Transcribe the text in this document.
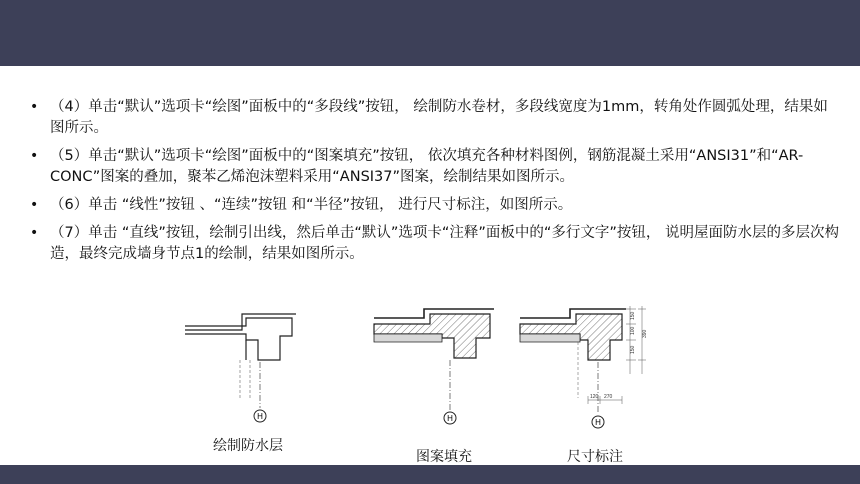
• （4）单击“默认”选项卡“绘图”面板中的“多段线”按钮， 绘制防水卷材，多段线宽度为1mm，转角处作圆弧处理，结果如图所示。
• （5）单击“默认”选项卡“绘图”面板中的“图案填充”按钮， 依次填充各种材料图例，钢筋混凝土采用“ANSI31”和“AR-CONC”图案的叠加，聚苯乙烯泡沫塑料采用“ANSI37”图案，绘制结果如图所示。
• （6）单击 “线性”按钮 、“连续”按钮 和“半径”按钮， 进行尺寸标注，如图所示。
• （7）单击 “直线”按钮，绘制引出线，然后单击“默认”选项卡“注释”面板中的“多行文字”按钮， 说明屋面防水层的多层次构造，最终完成墙身节点1的绘制，结果如图所示。
H
绘制防水层
H
图案填充
120 270
390
150
100
150
H
尺寸标注
